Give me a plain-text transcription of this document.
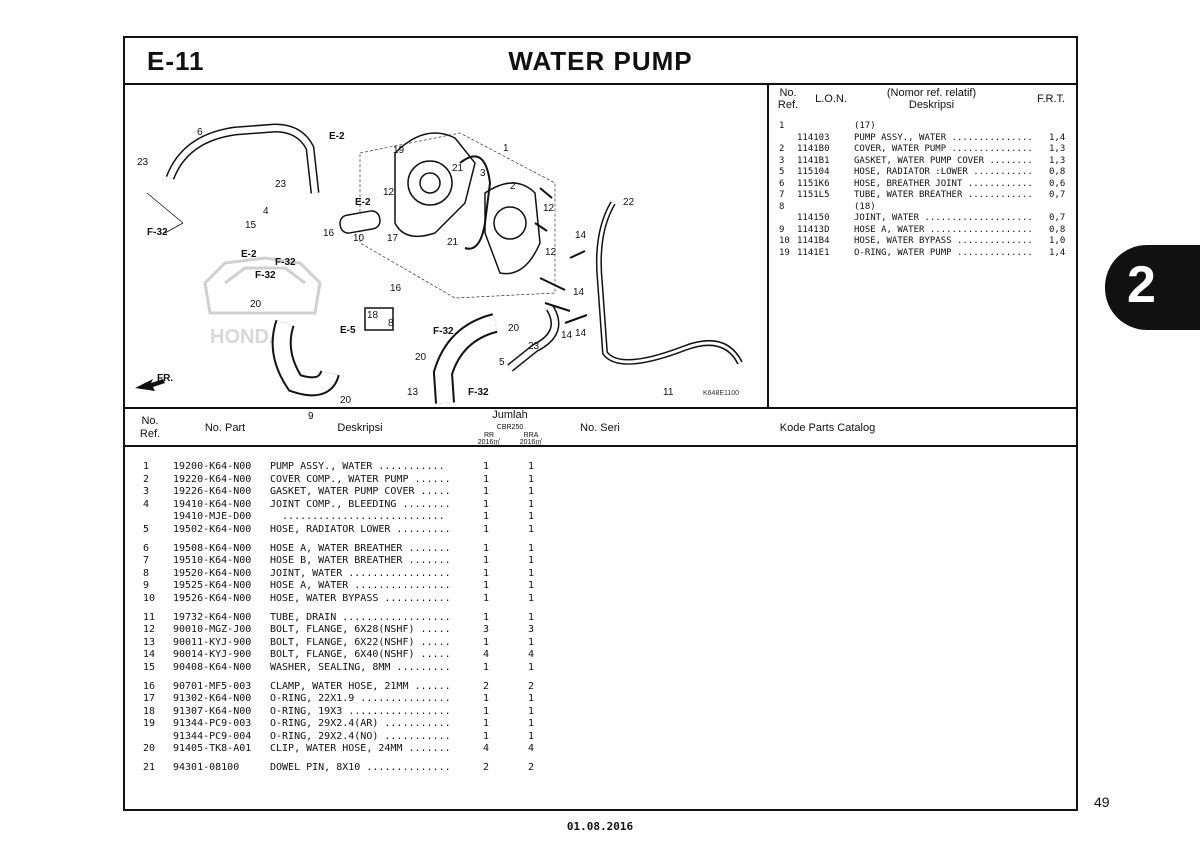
E-11	WATER PUMP
HONDA
6
23
23
4
15
16 10 17
19	1
21 3
2
12
12
22
14
21
12
16	14
20
18
8	20
14 14
23
20	5
13	11
20
9
E-2
E-2
E-2
E-5
F-32
F-32
F-32
F-32
F-32
FR.
K648E1100
No.
Ref.	L.O.N.	(Nomor ref. relatif)
Deskripsi	F.R.T.
1	(17)
114103	PUMP ASSY., WATER ............... 1,4
2 1141B0	COVER, WATER PUMP ............... 1,3
3 1141B1	GASKET, WATER PUMP COVER ........ 1,3
5 115104	HOSE, RADIATOR :LOWER ........... 0,8
6 1151K6	HOSE, BREATHER JOINT ............ 0,6
7 1151L5	TUBE, WATER BREATHER ............ 0,7
8	(18)
114150	JOINT, WATER .................... 0,7
9 11413D	HOSE A, WATER ................... 0,8
10 1141B4	HOSE, WATER BYPASS .............. 1,0
19 1141E1	O-RING, WATER PUMP .............. 1,4
No.
Ref.	No. Part	Deskripsi
Jumlah
CBR250
RR	RRA
2016㎡	2016㎡
No. Seri	Kode Parts Catalog
1 19200-K64-N00 PUMP ASSY., WATER ...........	1	1
2 19220-K64-N00 COVER COMP., WATER PUMP ......	1	1
3 19226-K64-N00 GASKET, WATER PUMP COVER .....	1	1
4 19410-K64-N00 JOINT COMP., BLEEDING ........	1	1
19410-MJE-D00 ...........................	1	1
5 19502-K64-N00 HOSE, RADIATOR LOWER .........	1	1
6 19508-K64-N00 HOSE A, WATER BREATHER .......	1	1
7 19510-K64-N00 HOSE B, WATER BREATHER .......	1	1
8 19520-K64-N00 JOINT, WATER .................	1	1
9 19525-K64-N00 HOSE A, WATER ................	1	1
10 19526-K64-N00 HOSE, WATER BYPASS ...........	1	1
11 19732-K64-N00 TUBE, DRAIN ..................	1	1
12 90010-MGZ-J00 BOLT, FLANGE, 6X28(NSHF) .....	3	3
13 90011-KYJ-900 BOLT, FLANGE, 6X22(NSHF) .....	1	1
14 90014-KYJ-900 BOLT, FLANGE, 6X40(NSHF) .....	4	4
15 90408-K64-N00 WASHER, SEALING, 8MM .........	1	1
16 90701-MF5-003 CLAMP, WATER HOSE, 21MM ......	2	2
17 91302-K64-N00 O-RING, 22X1.9 ...............	1	1
18 91307-K64-N00 O-RING, 19X3 .................	1	1
19 91344-PC9-003 O-RING, 29X2.4(AR) ...........	1	1
91344-PC9-004 O-RING, 29X2.4(NO) ...........	1	1
20 91405-TK8-A01 CLIP, WATER HOSE, 24MM .......	4	4
21 94301-08100	DOWEL PIN, 8X10 ..............	2	2
2
49
01.08.2016
